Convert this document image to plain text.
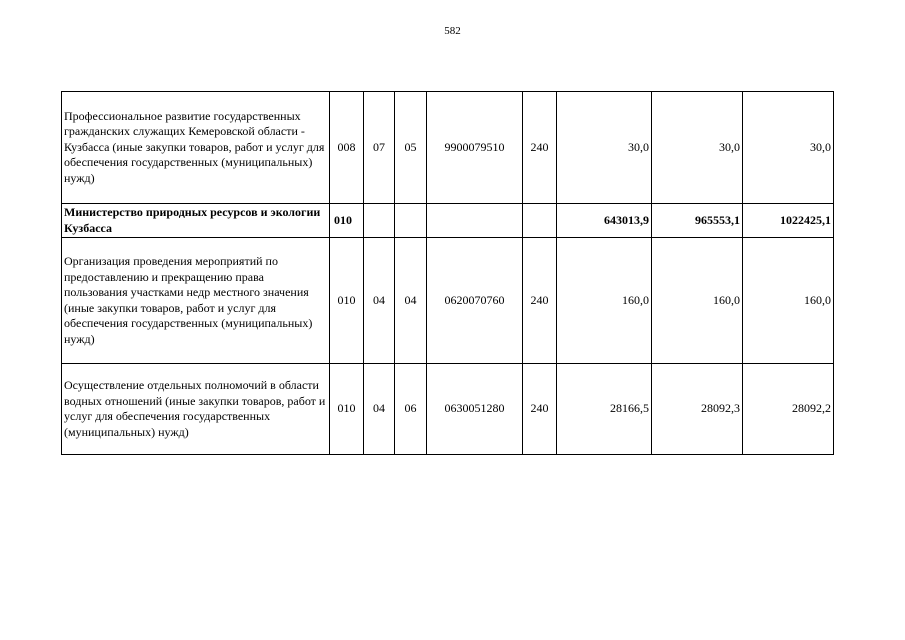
582
Профессиональное развитие государственных гражданских служащих Кемеровской области - Кузбасса (иные закупки товаров, работ и услуг для обеспечения государственных (муниципальных) нужд)	008	07	05	9900079510	240	30,0	30,0	30,0
Министерство природных ресурсов и экологии Кузбасса	010					643013,9	965553,1	1022425,1
Организация проведения мероприятий по предоставлению и прекращению права пользования участками недр местного значения (иные закупки товаров, работ и услуг для обеспечения государственных (муниципальных) нужд)	010	04	04	0620070760	240	160,0	160,0	160,0
Осуществление отдельных полномочий в области водных отношений (иные закупки товаров, работ и услуг для обеспечения государственных (муниципальных) нужд)	010	04	06	0630051280	240	28166,5	28092,3	28092,2
